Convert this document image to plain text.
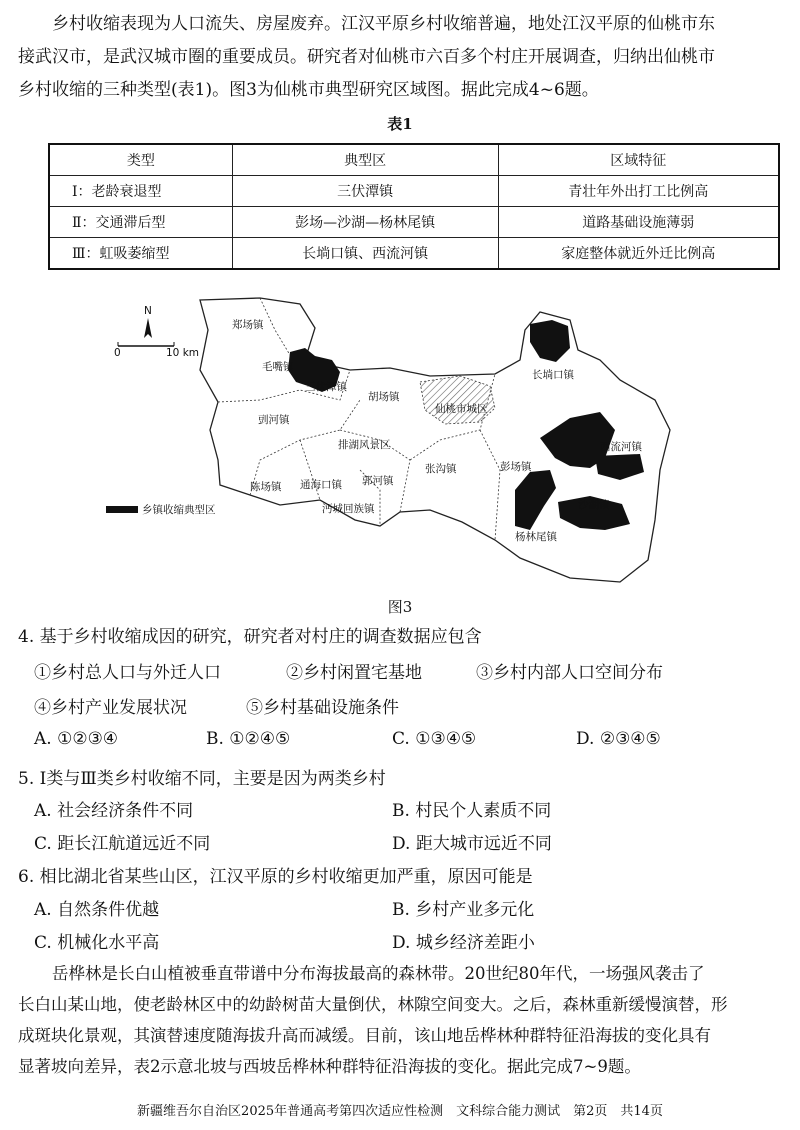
乡村收缩表现为人口流失、房屋废弃。江汉平原乡村收缩普遍，地处江汉平原的仙桃市东
接武汉市，是武汉城市圈的重要成员。研究者对仙桃市六百多个村庄开展调查，归纳出仙桃市
乡村收缩的三种类型(表1)。图3为仙桃市典型研究区域图。据此完成4~6题。
表1
类型	典型区	区域特征
Ⅰ：老龄衰退型	三伏潭镇	青壮年外出打工比例高
Ⅱ：交通滞后型	彭场—沙湖—杨林尾镇	道路基础设施薄弱
Ⅲ：虹吸萎缩型	长埫口镇、西流河镇	家庭整体就近外迁比例高
N
0	10 km
乡镇收缩典型区
郑场镇
毛嘴镇
三伏潭镇
胡场镇
仙桃市城区
剅河镇
排湖风景区
张沟镇
陈场镇 通海口镇 郭河镇
沔城回族镇
长埫口镇
西流河镇
彭场镇
沙湖镇
杨林尾镇
图3
4. 基于乡村收缩成因的研究，研究者对村庄的调查数据应包含
①乡村总人口与外迁人口	②乡村闲置宅基地	③乡村内部人口空间分布
④乡村产业发展状况	⑤乡村基础设施条件
A. ①②③④	B. ①②④⑤	C. ①③④⑤	D. ②③④⑤
5. Ⅰ类与Ⅲ类乡村收缩不同，主要是因为两类乡村
A. 社会经济条件不同	B. 村民个人素质不同
C. 距长江航道远近不同	D. 距大城市远近不同
6. 相比湖北省某些山区，江汉平原的乡村收缩更加严重，原因可能是
A. 自然条件优越	B. 乡村产业多元化
C. 机械化水平高	D. 城乡经济差距小
岳桦林是长白山植被垂直带谱中分布海拔最高的森林带。20世纪80年代，一场强风袭击了
长白山某山地，使老龄林区中的幼龄树苗大量倒伏，林隙空间变大。之后，森林重新缓慢演替，形
成斑块化景观，其演替速度随海拔升高而减缓。目前，该山地岳桦林种群特征沿海拔的变化具有
显著坡向差异，表2示意北坡与西坡岳桦林种群特征沿海拔的变化。据此完成7~9题。
新疆维吾尔自治区2025年普通高考第四次适应性检测　文科综合能力测试　第2页　共14页
